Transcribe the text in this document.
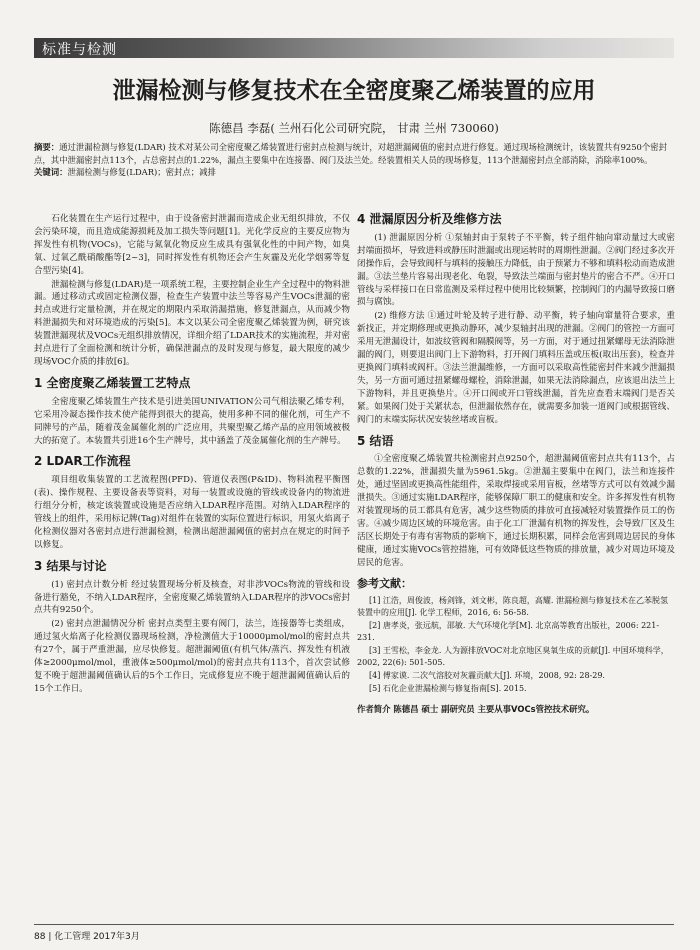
标准与检测
泄漏检测与修复技术在全密度聚乙烯装置的应用
陈德昌 李磊( 兰州石化公司研究院， 甘肃 兰州 730060)
摘要：通过泄漏检测与修复(LDAR) 技术对某公司全密度聚乙烯装置进行密封点检测与统计，对超泄漏阈值的密封点进行修复。通过现场检测统计，该装置共有9250个密封点，其中泄漏密封点113个，占总密封点的1.22%，漏点主要集中在连接器、阀门及法兰处。经装置相关人员的现场修复，113个泄漏密封点全部消除，消除率100%。
关键词：泄漏检测与修复(LDAR)；密封点；减排

石化装置在生产运行过程中，由于设备密封泄漏而造成企业无组织排放，不仅会污染环境，而且造成能源损耗及加工损失等问题[1]。光化学反应的主要反应物为挥发性有机物(VOCs)，它能与氮氧化物反应生成具有强氧化性的中间产物，如臭氧、过氧乙酰硝酸酯等[2~3]，同时挥发性有机物还会产生灰霾及光化学烟雾等复合型污染[4]。

泄漏检测与修复(LDAR)是一项系统工程，主要控制企业生产全过程中的物料泄漏。通过移动式或固定检测仪器，检查生产装置中法兰等容易产生VOCs泄漏的密封点或进行定量检测，并在规定的期限内采取消漏措施，修复泄漏点，从而减少物料泄漏损失和对环境造成的污染[5]。本文以某公司全密度聚乙烯装置为例，研究该装置泄漏现状及VOCs无组织排放情况，详细介绍了LDAR技术的实施流程，并对密封点进行了全面检测和统计分析，确保泄漏点的及时发现与修复，最大限度的减少现场VOC介质的排放[6]。

1 全密度聚乙烯装置工艺特点

全密度聚乙烯装置生产技术是引进美国UNIVATION公司气相法聚乙烯专利，它采用冷凝态操作技术使产能得到很大的提高，使用多种不同的催化剂，可生产不同牌号的产品，随着茂金属催化剂的广泛应用，共聚型聚乙烯产品的应用领域被极大的拓宽了。本装置共引进16个生产牌号，其中涵盖了茂金属催化剂的生产牌号。

2 LDAR工作流程

项目组收集装置的工艺流程图(PFD)、管道仪表图(P&ID)、物料流程平衡图(表)、操作规程、主要设备表等资料，对每一装置或设施的管线或设备内的物流进行组分分析，核定该装置或设施是否应纳入LDAR程序范围。对纳入LDAR程序的管线上的组件，采用标记牌(Tag)对组件在装置的实际位置进行标识，用氢火焰离子化检测仪器对各密封点进行泄漏检测，检测出超泄漏阈值的密封点在规定的时间予以修复。

3 结果与讨论

(1) 密封点计数分析 经过装置现场分析及核查，对非涉VOCs物流的管线和设备进行豁免，不纳入LDAR程序，全密度聚乙烯装置纳入LDAR程序的涉VOCs密封点共有9250个。

(2) 密封点泄漏情况分析 密封点类型主要有阀门，法兰，连接器等七类组成，通过氢火焰离子化检测仪器现场检测，净检测值大于10000μmol/mol的密封点共有27个，属于严重泄漏，应尽快修复。超泄漏阈值(有机气体/蒸汽、挥发性有机液体≥2000μmol/mol，重液体≥500μmol/mol)的密封点共有113个，首次尝试修复不晚于超泄漏阈值确认后的5个工作日，完成修复应不晚于超泄漏阈值确认后的15个工作日。

4 泄漏原因分析及维修方法

(1) 泄漏原因分析 ①泵轴封由于泵转子不平衡，转子组件轴向窜动量过大或密封端面损坏，导致进料或静压时泄漏或出现运转时的周期性泄漏。②阀门经过多次开闭操作后，会导致阀杆与填料的接触压力降低，由于预紧力不够和填料松动而造成泄漏。③法兰垫片容易出现老化、龟裂，导致法兰端面与密封垫片的密合不严。④开口管线与采样接口在日常监测及采样过程中使用比较频繁，控制阀门的内漏导致接口磨损与腐蚀。

(2) 维修方法 ①通过叶轮及转子进行静、动平衡，转子轴向窜量符合要求，重新找正，并定期修理或更换动静环，减少泵轴封出现的泄漏。②阀门的管控一方面可采用无泄漏设计，如波纹管阀和隔膜阀等，另一方面，对于通过扭紧螺母无法消除泄漏的阀门，则要退出阀门上下游物料，打开阀门填料压盖或压板(取出压套)，检查并更换阀门填料或阀杆。③法兰泄漏维修，一方面可以采取高性能密封件来减少泄漏损失，另一方面可通过扭紧螺母螺栓，消除泄漏，如果无法消除漏点，应该退出法兰上下游物料，并且更换垫片。④开口阀或开口管线泄漏，首先应查看末端阀门是否关紧。如果阀门处于关紧状态，但泄漏依然存在，就需要多加装一道阀门或根据管线、阀门的末端实际状况安装丝堵或盲板。

5 结语

①全密度聚乙烯装置共检测密封点9250个，超泄漏阈值密封点共有113个，占总数的1.22%，泄漏损失量为5961.5kg。②泄漏主要集中在阀门，法兰和连接件处，通过坚固或更换高性能组件，采取焊接或采用盲板，丝堵等方式可以有效减少漏泄损失。③通过实施LDAR程序，能够保障厂职工的健康和安全。许多挥发性有机物对装置现场的员工都具有危害，减少这些物质的排放可直接减轻对装置操作员工的伤害。④减少周边区域的环境危害。由于化工厂泄漏有机物的挥发性，会导致厂区及生活区长期处于有毒有害物质的影响下，通过长期积累，同样会危害到周边居民的身体健康，通过实施VOCs管控措施，可有效降低这些物质的排放量，减少对周边环境及居民的危害。

参考文献：
[1] 江浩，周俊波，杨剑锋，刘文彬，陈良超，高耀. 泄漏检测与修复技术在乙苯脱氢装置中的应用[J]. 化学工程师，2016, 6: 56-58.
[2] 唐孝炎，张远航，邵敏. 大气环境化学[M]. 北京高等教育出版社，2006: 221-231.
[3] 王雪松，李金龙. 人为源排放VOC对北京地区臭氧生成的贡献[J]. 中国环境科学，2002, 22(6): 501-505.
[4] 傅家谟. 二次气溶胶对灰霾贡献大[J]. 环境，2008, 92: 28-29.
[5] 石化企业泄漏检测与修复指南[S]. 2015.
作者简介 陈德昌 硕士 副研究员 主要从事VOCs管控技术研究。
88 | 化工管理 2017年3月
